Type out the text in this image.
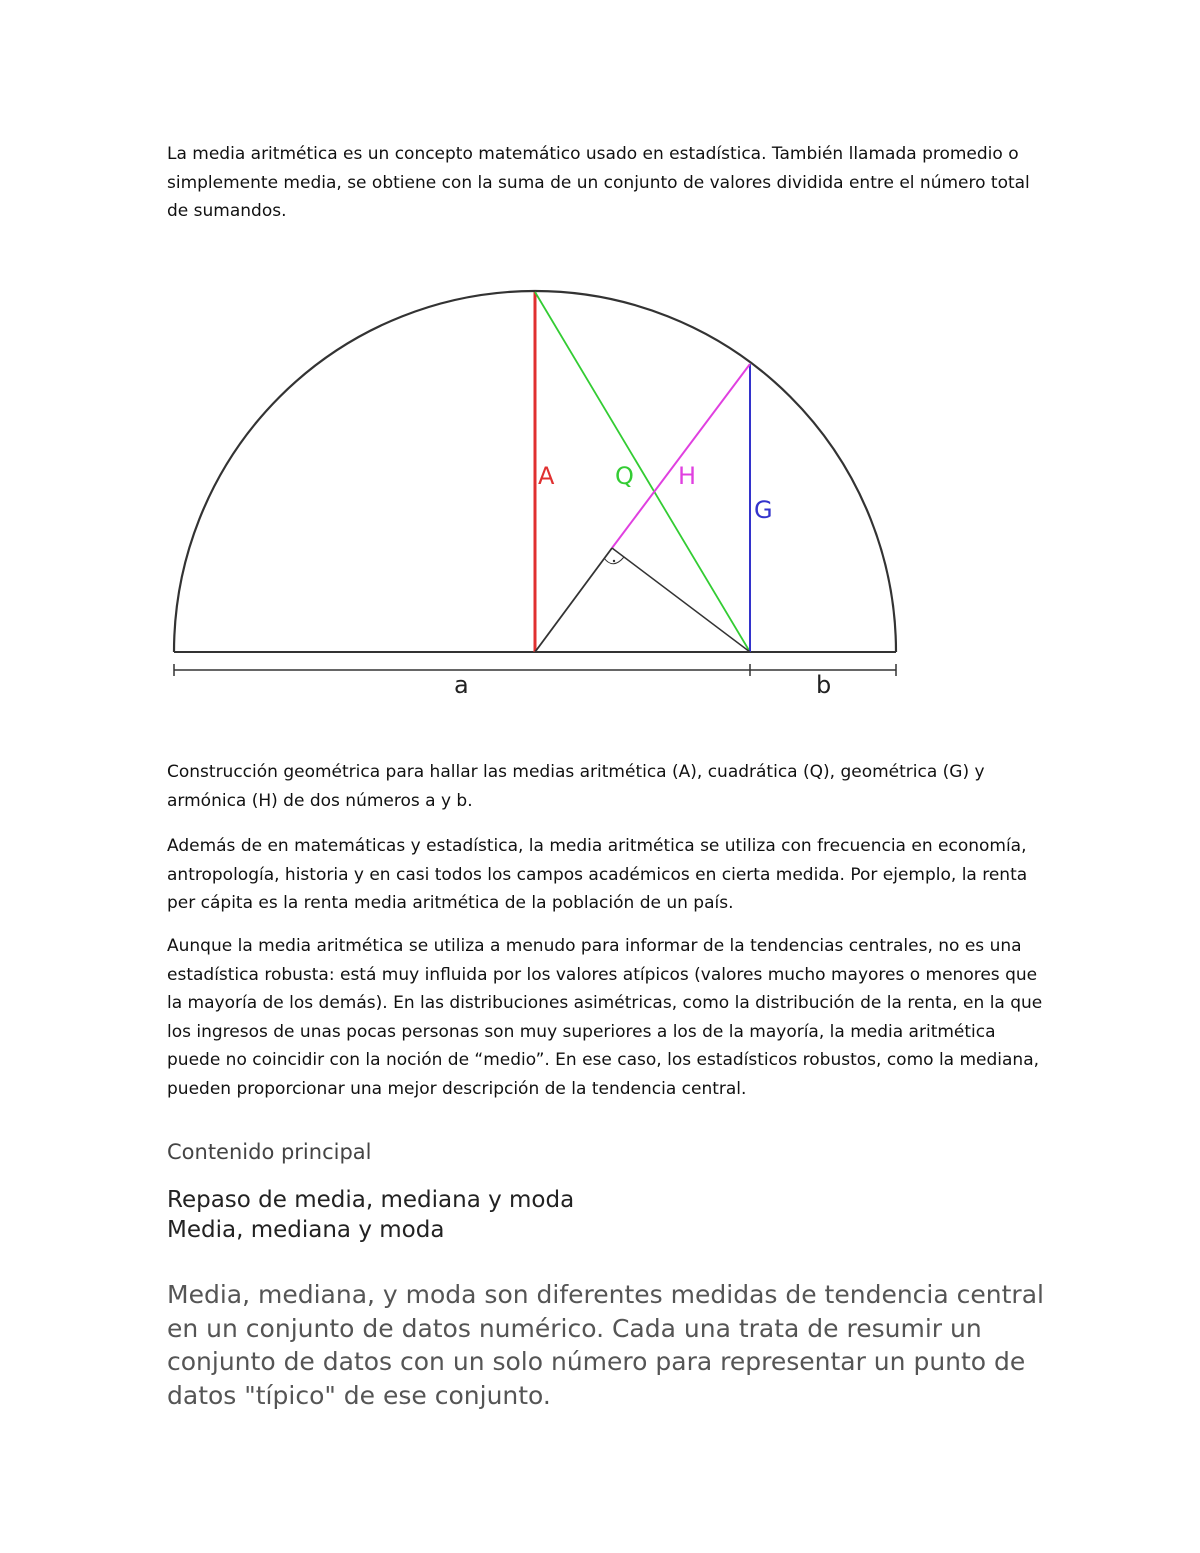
La media aritmética es un concepto matemático usado en estadística. También llamada promedio o simplemente media, se obtiene con la suma de un conjunto de valores dividida entre el número total de sumandos.

A	Q H
G
a	b

Construcción geométrica para hallar las medias aritmética (A), cuadrática (Q), geométrica (G) y armónica (H) de dos números a y b.

Además de en matemáticas y estadística, la media aritmética se utiliza con frecuencia en economía, antropología, historia y en casi todos los campos académicos en cierta medida. Por ejemplo, la renta per cápita es la renta media aritmética de la población de un país.

Aunque la media aritmética se utiliza a menudo para informar de la tendencias centrales, no es una estadística robusta: está muy influida por los valores atípicos (valores mucho mayores o menores que la mayoría de los demás). En las distribuciones asimétricas, como la distribución de la renta, en la que los ingresos de unas pocas personas son muy superiores a los de la mayoría, la media aritmética puede no coincidir con la noción de “medio”. En ese caso, los estadísticos robustos, como la mediana, pueden proporcionar una mejor descripción de la tendencia central.

Contenido principal

Repaso de media, mediana y moda
Media, mediana y moda

Media, mediana, y moda son diferentes medidas de tendencia central en un conjunto de datos numérico. Cada una trata de resumir un conjunto de datos con un solo número para representar un punto de datos "típico" de ese conjunto.
